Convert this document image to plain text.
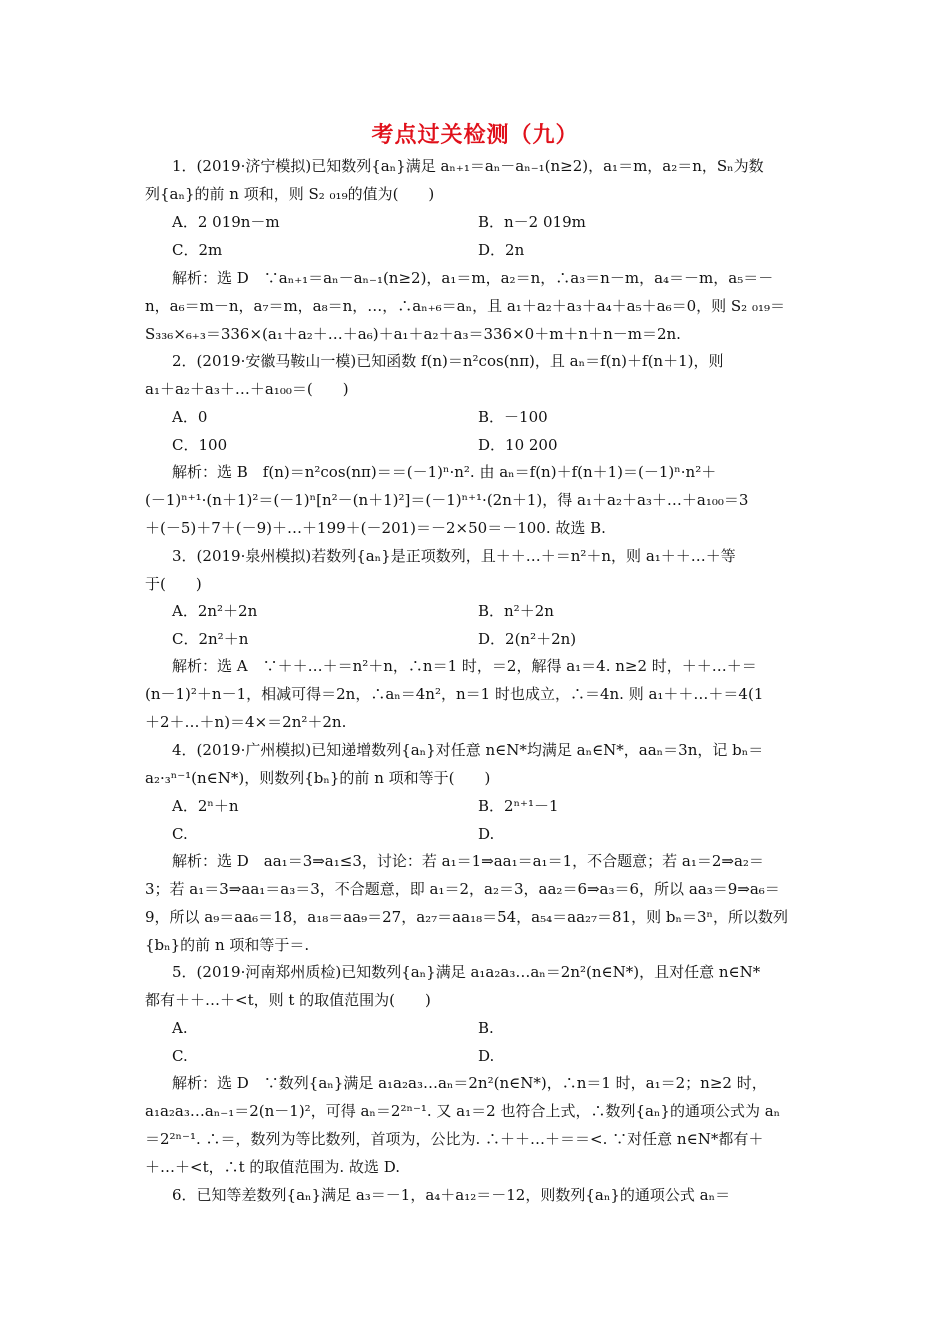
考点过关检测（九）
1．(2019·济宁模拟)已知数列{aₙ}满足 aₙ₊₁＝aₙ－aₙ₋₁(n≥2)，a₁＝m，a₂＝n，Sₙ为数
列{aₙ}的前 n 项和，则 S₂ ₀₁₉的值为(　　)
A．2 019n－m	B．n－2 019m
C．2m	D．2n
解析：选 D　∵aₙ₊₁＝aₙ－aₙ₋₁(n≥2)，a₁＝m，a₂＝n，∴a₃＝n－m，a₄＝－m，a₅＝－
n，a₆＝m－n，a₇＝m，a₈＝n，…，∴aₙ₊₆＝aₙ，且 a₁＋a₂＋a₃＋a₄＋a₅＋a₆＝0，则 S₂ ₀₁₉＝
S₃₃₆×₆₊₃＝336×(a₁＋a₂＋…＋a₆)＋a₁＋a₂＋a₃＝336×0＋m＋n＋n－m＝2n.
2．(2019·安徽马鞍山一模)已知函数 f(n)＝n²cos(nπ)，且 aₙ＝f(n)＋f(n＋1)，则
a₁＋a₂＋a₃＋…＋a₁₀₀＝(　　)
A．0	B．－100
C．100	D．10 200
解析：选 B　f(n)＝n²cos(nπ)＝＝(－1)ⁿ·n². 由 aₙ＝f(n)＋f(n＋1)＝(－1)ⁿ·n²＋
(－1)ⁿ⁺¹·(n＋1)²＝(－1)ⁿ[n²－(n＋1)²]＝(－1)ⁿ⁺¹·(2n＋1)，得 a₁＋a₂＋a₃＋…＋a₁₀₀＝3
＋(－5)＋7＋(－9)＋…＋199＋(－201)＝－2×50＝－100. 故选 B.
3．(2019·泉州模拟)若数列{aₙ}是正项数列，且＋＋…＋＝n²＋n，则 a₁＋＋…＋等
于(　　)
A．2n²＋2n	B．n²＋2n
C．2n²＋n	D．2(n²＋2n)
解析：选 A　∵＋＋…＋＝n²＋n，∴n＝1 时，＝2，解得 a₁＝4. n≥2 时，＋＋…＋＝
(n－1)²＋n－1，相减可得＝2n，∴aₙ＝4n²，n＝1 时也成立，∴＝4n. 则 a₁＋＋…＋＝4(1
＋2＋…＋n)＝4×＝2n²＋2n.
4．(2019·广州模拟)已知递增数列{aₙ}对任意 n∈N*均满足 aₙ∈N*，aaₙ＝3n，记 bₙ＝
a₂·₃ⁿ⁻¹(n∈N*)，则数列{bₙ}的前 n 项和等于(　　)
A．2ⁿ＋n	B．2ⁿ⁺¹－1
C.	D.
解析：选 D　aa₁＝3⇒a₁≤3，讨论：若 a₁＝1⇒aa₁＝a₁＝1，不合题意；若 a₁＝2⇒a₂＝
3；若 a₁＝3⇒aa₁＝a₃＝3，不合题意，即 a₁＝2，a₂＝3，aa₂＝6⇒a₃＝6，所以 aa₃＝9⇒a₆＝
9，所以 a₉＝aa₆＝18，a₁₈＝aa₉＝27，a₂₇＝aa₁₈＝54，a₅₄＝aa₂₇＝81，则 bₙ＝3ⁿ，所以数列
{bₙ}的前 n 项和等于＝.
5．(2019·河南郑州质检)已知数列{aₙ}满足 a₁a₂a₃…aₙ＝2n²(n∈N*)，且对任意 n∈N*
都有＋＋…＋<t，则 t 的取值范围为(　　)
A.	B.
C.	D.
解析：选 D　∵数列{aₙ}满足 a₁a₂a₃…aₙ＝2n²(n∈N*)，∴n＝1 时，a₁＝2；n≥2 时，
a₁a₂a₃…aₙ₋₁＝2(n－1)²，可得 aₙ＝2²ⁿ⁻¹. 又 a₁＝2 也符合上式，∴数列{aₙ}的通项公式为 aₙ
＝2²ⁿ⁻¹. ∴＝，数列为等比数列，首项为，公比为. ∴＋＋…＋＝＝<. ∵对任意 n∈N*都有＋
＋…＋<t，∴t 的取值范围为. 故选 D.
6．已知等差数列{aₙ}满足 a₃＝－1，a₄＋a₁₂＝－12，则数列{aₙ}的通项公式 aₙ＝
